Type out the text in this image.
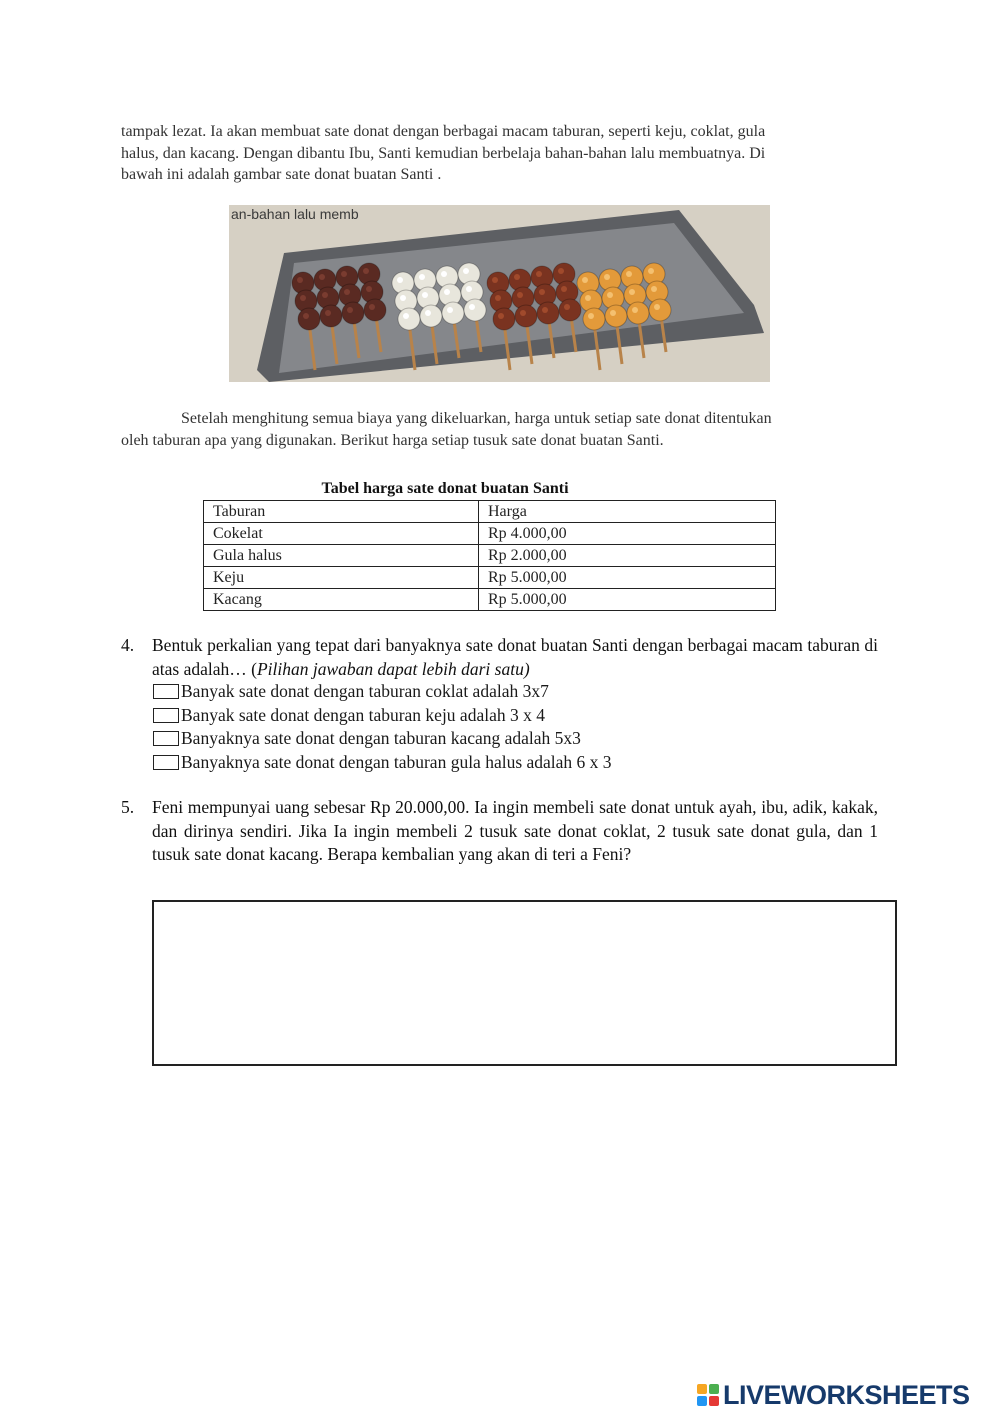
tampak lezat. Ia akan membuat sate donat dengan berbagai macam taburan, seperti keju, coklat, gula

halus, dan kacang. Dengan dibantu Ibu, Santi kemudian berbelaja bahan-bahan lalu membuatnya. Di

bawah ini adalah gambar sate donat buatan Santi .

an-bahan lalu memb
Setelah menghitung semua biaya yang dikeluarkan, harga untuk setiap sate donat ditentukan
oleh taburan apa yang digunakan. Berikut harga setiap tusuk sate donat buatan Santi.
Tabel harga sate donat buatan Santi
Taburan	Harga
Cokelat	Rp 4.000,00
Gula halus	Rp 2.000,00
Keju	Rp 5.000,00
Kacang	Rp 5.000,00
4. Bentuk perkalian yang tepat dari banyaknya sate donat buatan Santi dengan berbagai macam taburan di atas adalah… (Pilihan jawaban dapat lebih dari satu)
Banyak sate donat dengan taburan coklat adalah 3x7
Banyak sate donat dengan taburan keju adalah 3 x 4
Banyaknya sate donat dengan taburan kacang adalah 5x3
Banyaknya sate donat dengan taburan gula halus adalah 6 x 3
5. Feni mempunyai uang sebesar Rp 20.000,00. Ia ingin membeli sate donat untuk ayah, ibu, adik, kakak, dan dirinya sendiri. Jika Ia ingin membeli 2 tusuk sate donat coklat, 2 tusuk sate donat gula, dan 1 tusuk sate donat kacang. Berapa kembalian yang akan di teri a Feni?
LIVEWORKSHEETS
